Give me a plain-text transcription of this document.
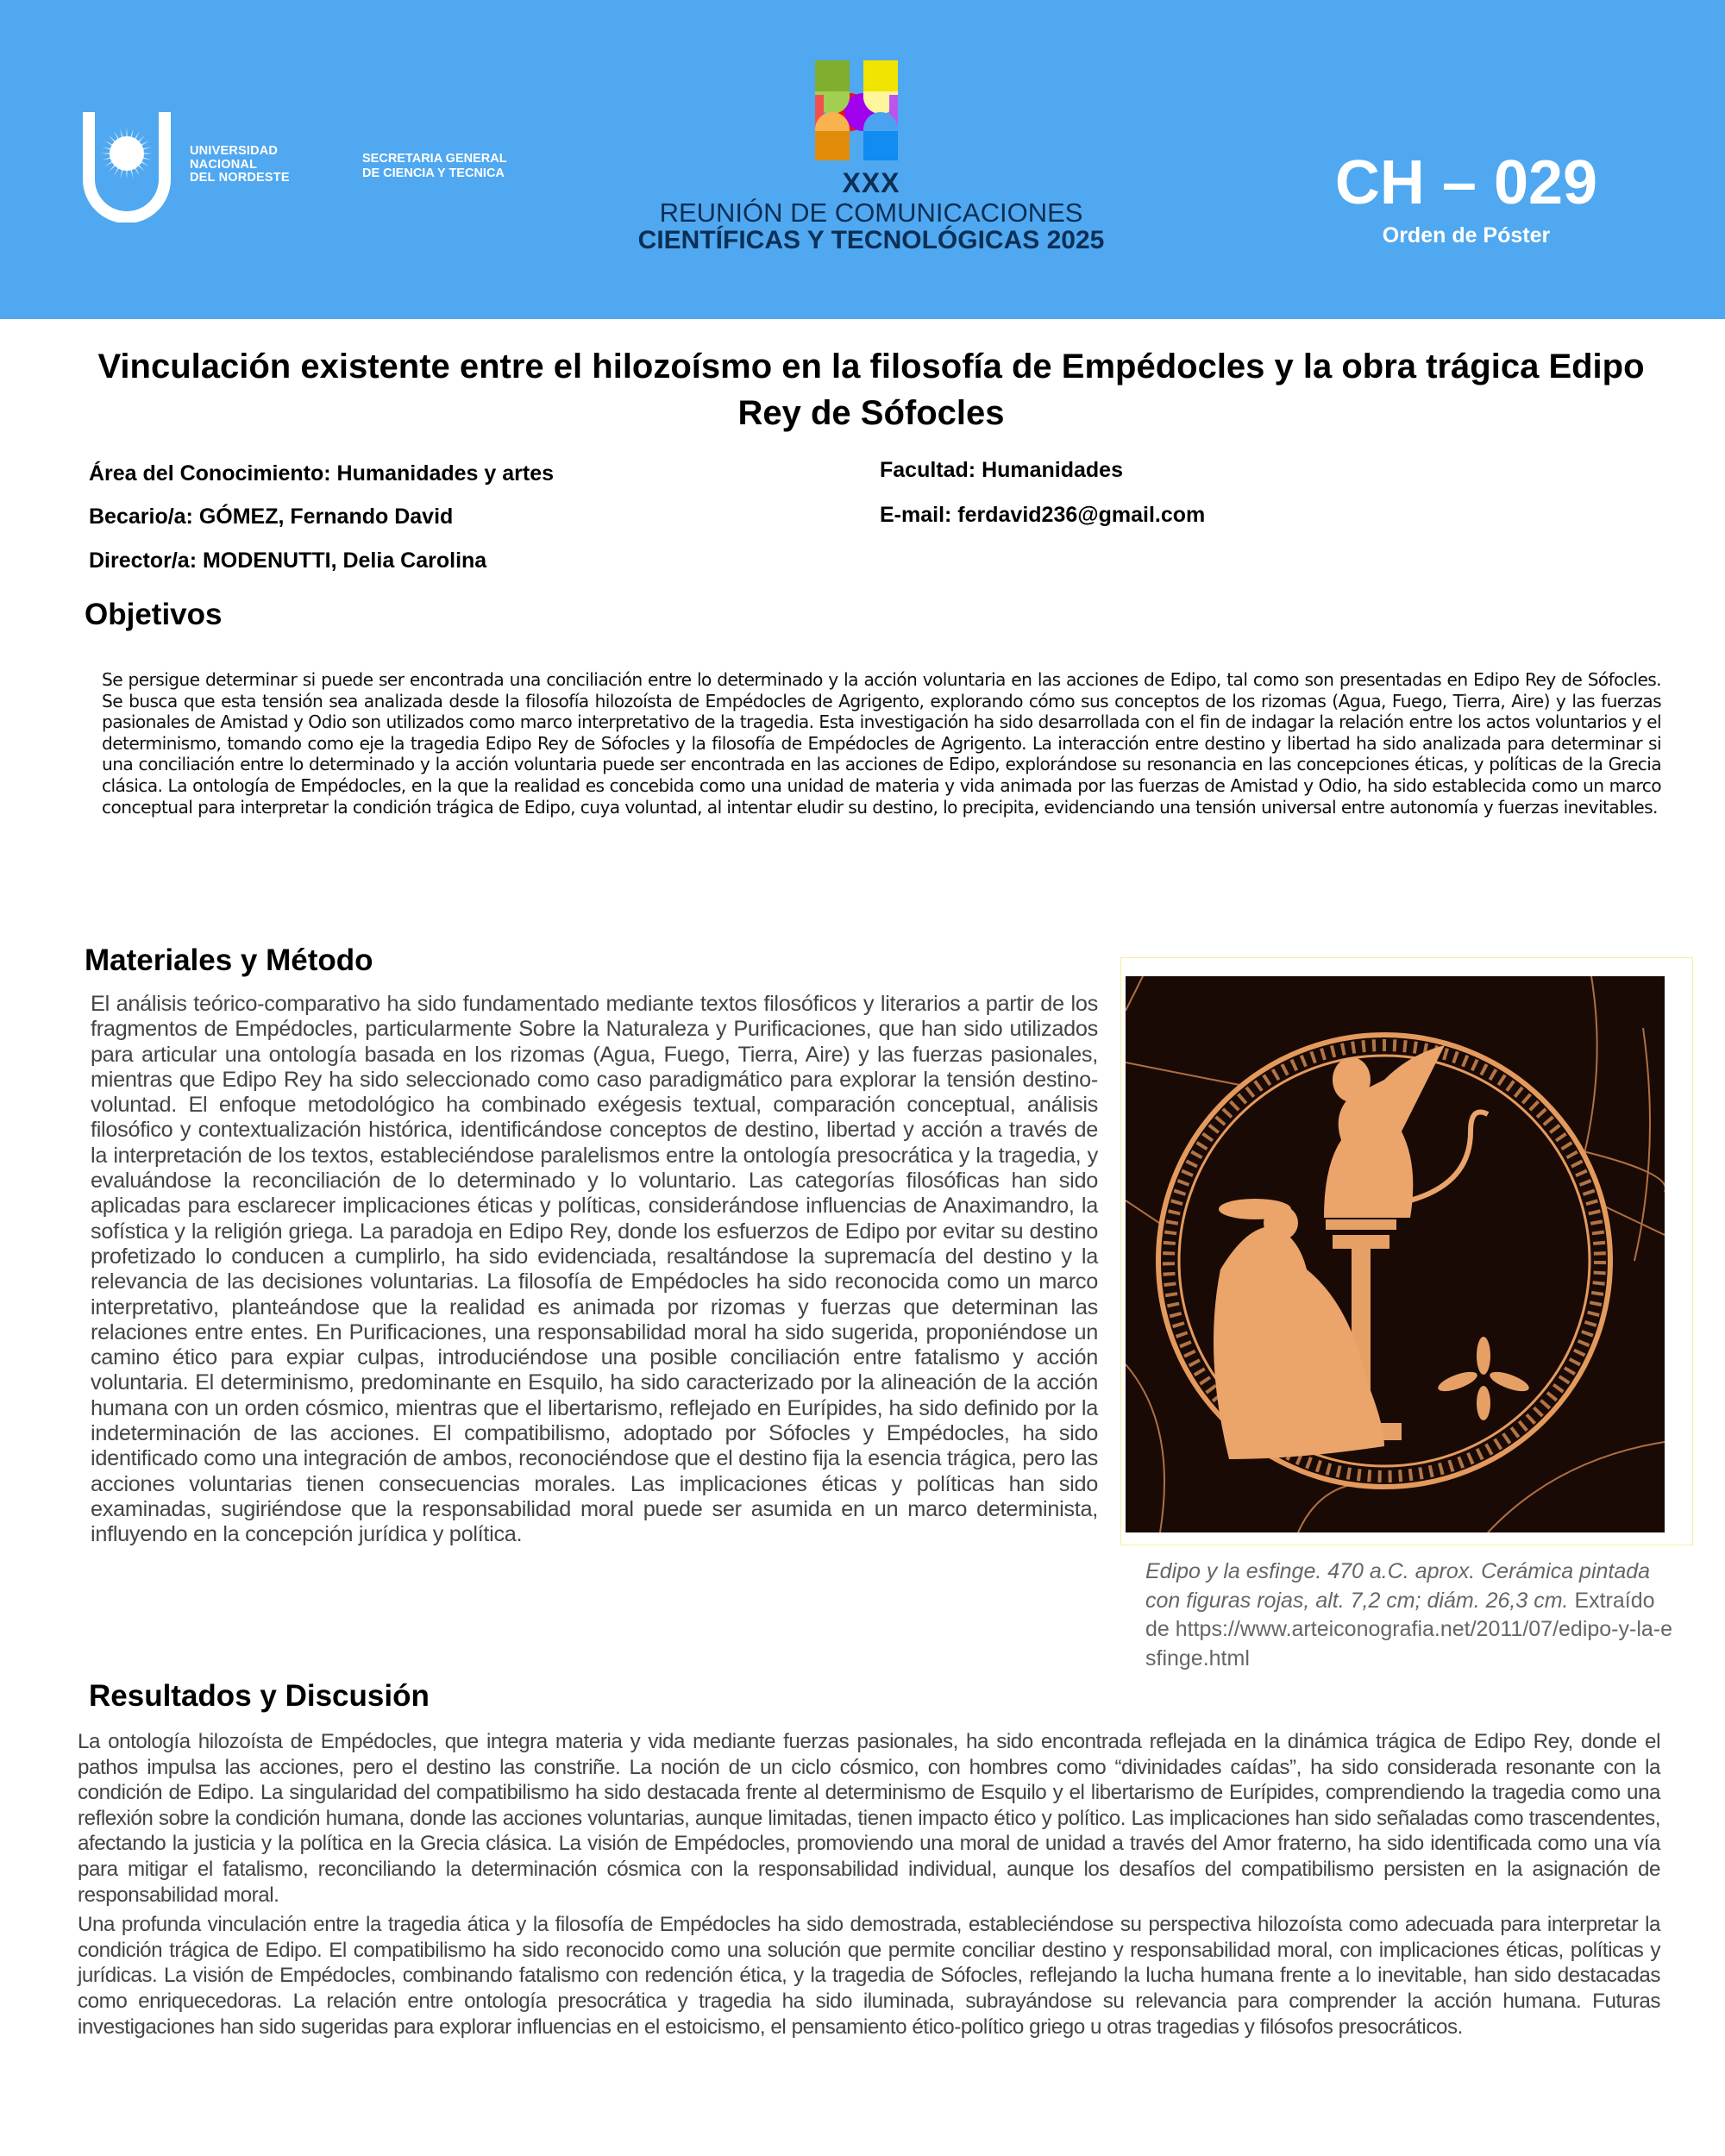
UNIVERSIDAD
NACIONAL
DEL NORDESTE
SECRETARIA GENERAL
DE CIENCIA Y TECNICA	XXX
REUNIÓN DE COMUNICACIONES
CIENTÍFICAS Y TECNOLÓGICAS 2025
CH – 029
Orden de Póster
Vinculación existente entre el hilozoísmo en la filosofía de Empédocles y la obra trágica Edipo Rey de Sófocles
Área del Conocimiento: Humanidades y artes
Becario/a: GÓMEZ, Fernando David
Director/a: MODENUTTI, Delia Carolina
Facultad: Humanidades
E-mail: ferdavid236@gmail.com
Objetivos
Se persigue determinar si puede ser encontrada una conciliación entre lo determinado y la acción voluntaria en las acciones de Edipo, tal como son presentadas en Edipo Rey de Sófocles. Se busca que esta tensión sea analizada desde la filosofía hilozoísta de Empédocles de Agrigento, explorando cómo sus conceptos de los rizomas (Agua, Fuego, Tierra, Aire) y las fuerzas pasionales de Amistad y Odio son utilizados como marco interpretativo de la tragedia. Esta investigación ha sido desarrollada con el fin de indagar la relación entre los actos voluntarios y el determinismo, tomando como eje la tragedia Edipo Rey de Sófocles y la filosofía de Empédocles de Agrigento. La interacción entre destino y libertad ha sido analizada para determinar si una conciliación entre lo determinado y la acción voluntaria puede ser encontrada en las acciones de Edipo, explorándose su resonancia en las concepciones éticas, y políticas de la Grecia clásica. La ontología de Empédocles, en la que la realidad es concebida como una unidad de materia y vida animada por las fuerzas de Amistad y Odio, ha sido establecida como un marco conceptual para interpretar la condición trágica de Edipo, cuya voluntad, al intentar eludir su destino, lo precipita, evidenciando una tensión universal entre autonomía y fuerzas inevitables.
Materiales y Método
El análisis teórico-comparativo ha sido fundamentado mediante textos filosóficos y literarios a partir de los fragmentos de Empédocles, particularmente Sobre la Naturaleza y Purificaciones, que han sido utilizados para articular una ontología basada en los rizomas (Agua, Fuego, Tierra, Aire) y las fuerzas pasionales, mientras que Edipo Rey ha sido seleccionado como caso paradigmático para explorar la tensión destino-voluntad. El enfoque metodológico ha combinado exégesis textual, comparación conceptual, análisis filosófico y contextualización histórica, identificándose conceptos de destino, libertad y acción a través de la interpretación de los textos, estableciéndose paralelismos entre la ontología presocrática y la tragedia, y evaluándose la reconciliación de lo determinado y lo voluntario. Las categorías filosóficas han sido aplicadas para esclarecer implicaciones éticas y políticas, considerándose influencias de Anaximandro, la sofística y la religión griega. La paradoja en Edipo Rey, donde los esfuerzos de Edipo por evitar su destino profetizado lo conducen a cumplirlo, ha sido evidenciada, resaltándose la supremacía del destino y la relevancia de las decisiones voluntarias. La filosofía de Empédocles ha sido reconocida como un marco interpretativo, planteándose que la realidad es animada por rizomas y fuerzas que determinan las relaciones entre entes. En Purificaciones, una responsabilidad moral ha sido sugerida, proponiéndose un camino ético para expiar culpas, introduciéndose una posible conciliación entre fatalismo y acción voluntaria. El determinismo, predominante en Esquilo, ha sido caracterizado por la alineación de la acción humana con un orden cósmico, mientras que el libertarismo, reflejado en Eurípides, ha sido definido por la indeterminación de las acciones. El compatibilismo, adoptado por Sófocles y Empédocles, ha sido identificado como una integración de ambos, reconociéndose que el destino fija la esencia trágica, pero las acciones voluntarias tienen consecuencias morales. Las implicaciones éticas y políticas han sido examinadas, sugiriéndose que la responsabilidad moral puede ser asumida en un marco determinista, influyendo en la concepción jurídica y política.
Edipo y la esfinge. 470 a.C. aprox. Cerámica pintada con figuras rojas, alt. 7,2 cm; diám. 26,3 cm. Extraído de https://www.arteiconografia.net/2011/07/edipo-y-la-esfinge.html
Resultados y Discusión

La ontología hilozoísta de Empédocles, que integra materia y vida mediante fuerzas pasionales, ha sido encontrada reflejada en la dinámica trágica de Edipo Rey, donde el pathos impulsa las acciones, pero el destino las constriñe. La noción de un ciclo cósmico, con hombres como “divinidades caídas”, ha sido considerada resonante con la condición de Edipo. La singularidad del compatibilismo ha sido destacada frente al determinismo de Esquilo y el libertarismo de Eurípides, comprendiendo la tragedia como una reflexión sobre la condición humana, donde las acciones voluntarias, aunque limitadas, tienen impacto ético y político. Las implicaciones han sido señaladas como trascendentes, afectando la justicia y la política en la Grecia clásica. La visión de Empédocles, promoviendo una moral de unidad a través del Amor fraterno, ha sido identificada como una vía para mitigar el fatalismo, reconciliando la determinación cósmica con la responsabilidad individual, aunque los desafíos del compatibilismo persisten en la asignación de responsabilidad moral.

Una profunda vinculación entre la tragedia ática y la filosofía de Empédocles ha sido demostrada, estableciéndose su perspectiva hilozoísta como adecuada para interpretar la condición trágica de Edipo. El compatibilismo ha sido reconocido como una solución que permite conciliar destino y responsabilidad moral, con implicaciones éticas, políticas y jurídicas. La visión de Empédocles, combinando fatalismo con redención ética, y la tragedia de Sófocles, reflejando la lucha humana frente a lo inevitable, han sido destacadas como enriquecedoras. La relación entre ontología presocrática y tragedia ha sido iluminada, subrayándose su relevancia para comprender la acción humana. Futuras investigaciones han sido sugeridas para explorar influencias en el estoicismo, el pensamiento ético-político griego u otras tragedias y filósofos presocráticos.
